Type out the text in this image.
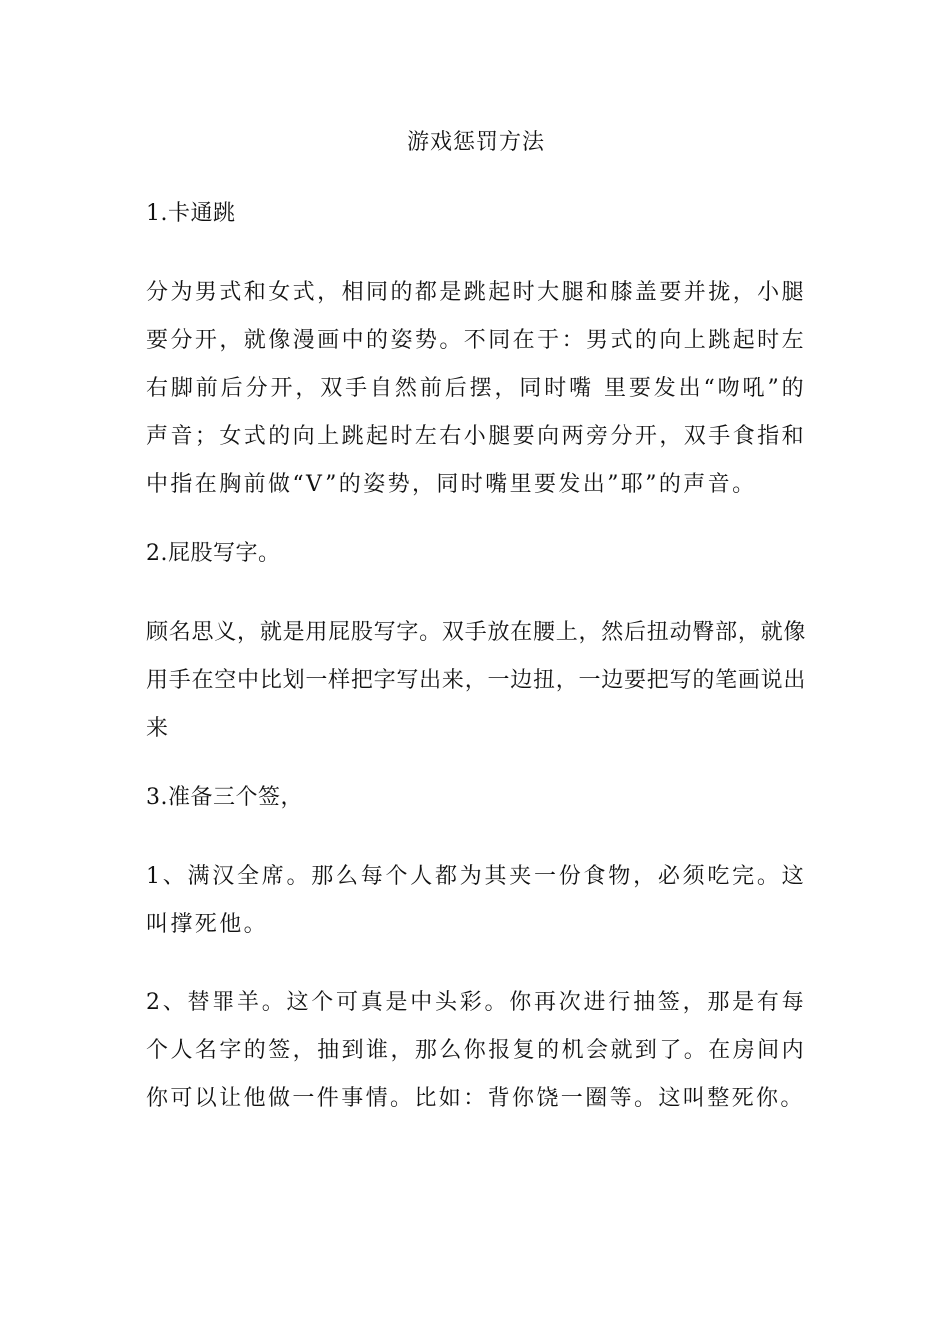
游戏惩罚方法
1.卡通跳
分为男式和女式，相同的都是跳起时大腿和膝盖要并拢，小腿要分开，就像漫画中的姿势。不同在于：男式的向上跳起时左右脚前后分开，双手自然前后摆，同时嘴 里要发出“吻吼”的声音；女式的向上跳起时左右小腿要向两旁分开，双手食指和中指在胸前做“V”的姿势，同时嘴里要发出”耶”的声音。
2.屁股写字。
顾名思义，就是用屁股写字。双手放在腰上，然后扭动臀部，就像用手在空中比划一样把字写出来，一边扭，一边要把写的笔画说出来
3.准备三个签，
1、满汉全席。那么每个人都为其夹一份食物，必须吃完。这叫撑死他。
2、替罪羊。这个可真是中头彩。你再次进行抽签，那是有每个人名字的签，抽到谁，那么你报复的机会就到了。在房间内你可以让他做一件事情。比如：背你饶一圈等。这叫整死你。
